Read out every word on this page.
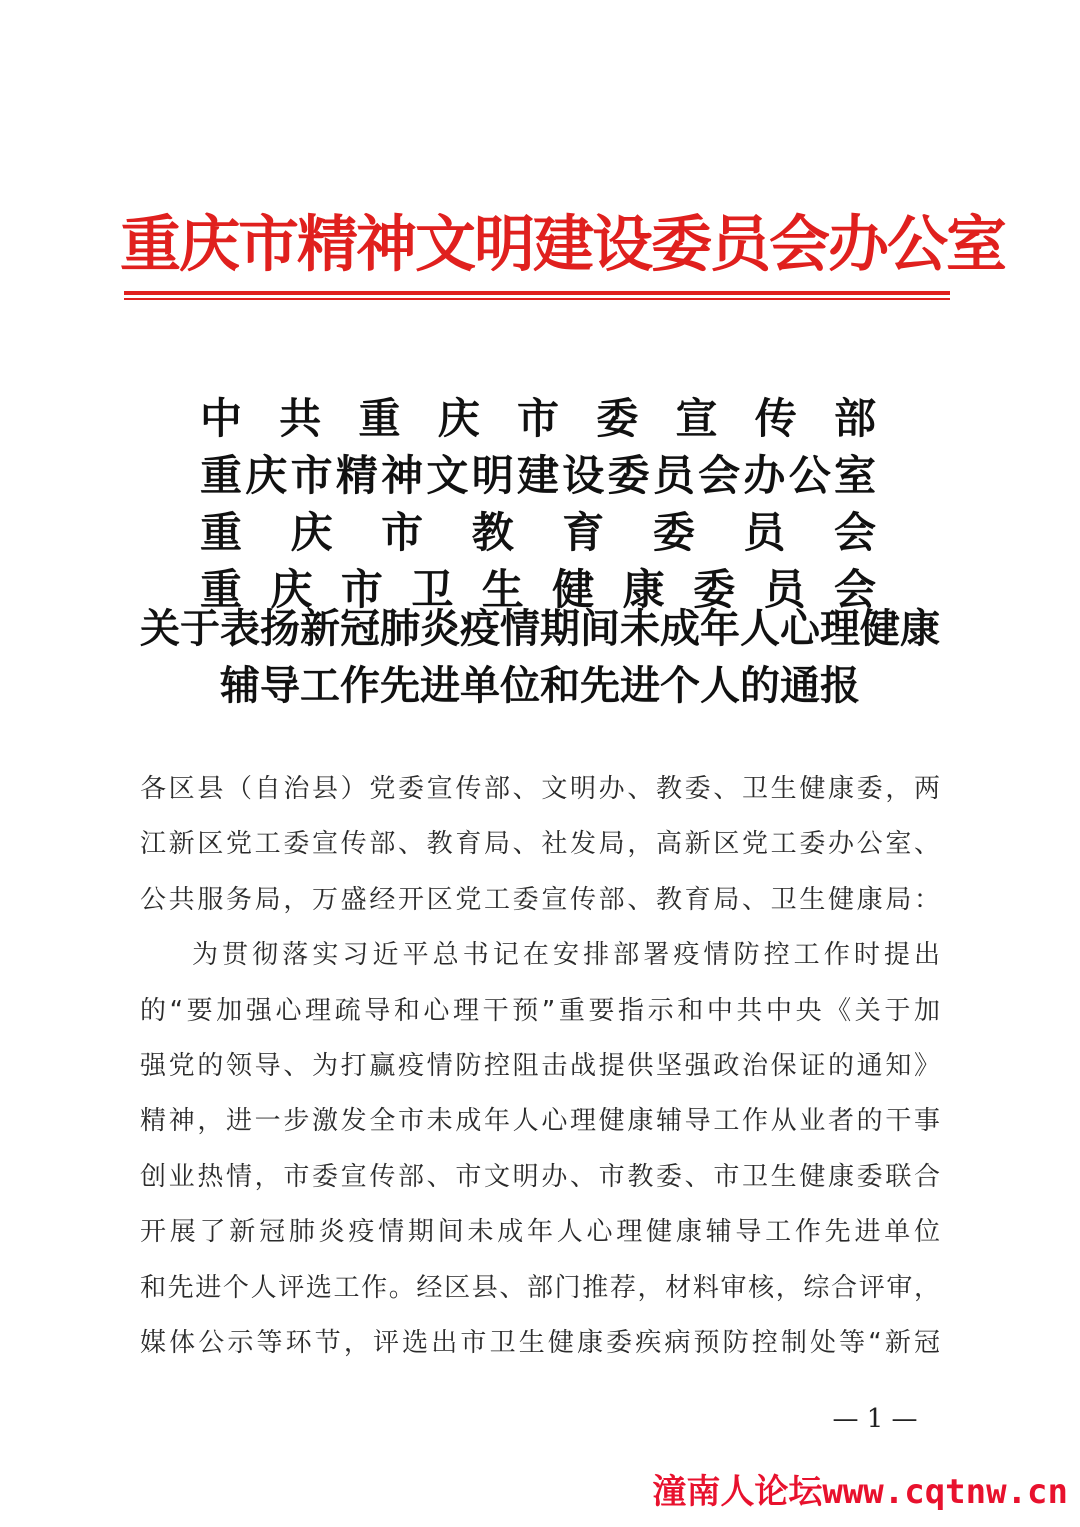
重庆市精神文明建设委员会办公室
中 共 重 庆 市 委 宣 传 部
重庆市精神文明建设委员会办公室
重 庆 市 教 育 委 员 会
重 庆 市 卫 生 健 康 委 员 会
关于表扬新冠肺炎疫情期间未成年人心理健康
辅导工作先进单位和先进个人的通报
各区县（自治县）党委宣传部、文明办、教委、卫生健康委，两
江新区党工委宣传部、教育局、社发局，高新区党工委办公室、
公共服务局，万盛经开区党工委宣传部、教育局、卫生健康局：
为贯彻落实习近平总书记在安排部署疫情防控工作时提出
的“要加强心理疏导和心理干预”重要指示和中共中央《关于加
强党的领导、为打赢疫情防控阻击战提供坚强政治保证的通知》
精神，进一步激发全市未成年人心理健康辅导工作从业者的干事
创业热情，市委宣传部、市文明办、市教委、市卫生健康委联合
开展了新冠肺炎疫情期间未成年人心理健康辅导工作先进单位
和先进个人评选工作。经区县、部门推荐，材料审核，综合评审，
媒体公示等环节，评选出市卫生健康委疾病预防控制处等“新冠
— 1 —
潼南人论坛www.cqtnw.cn
